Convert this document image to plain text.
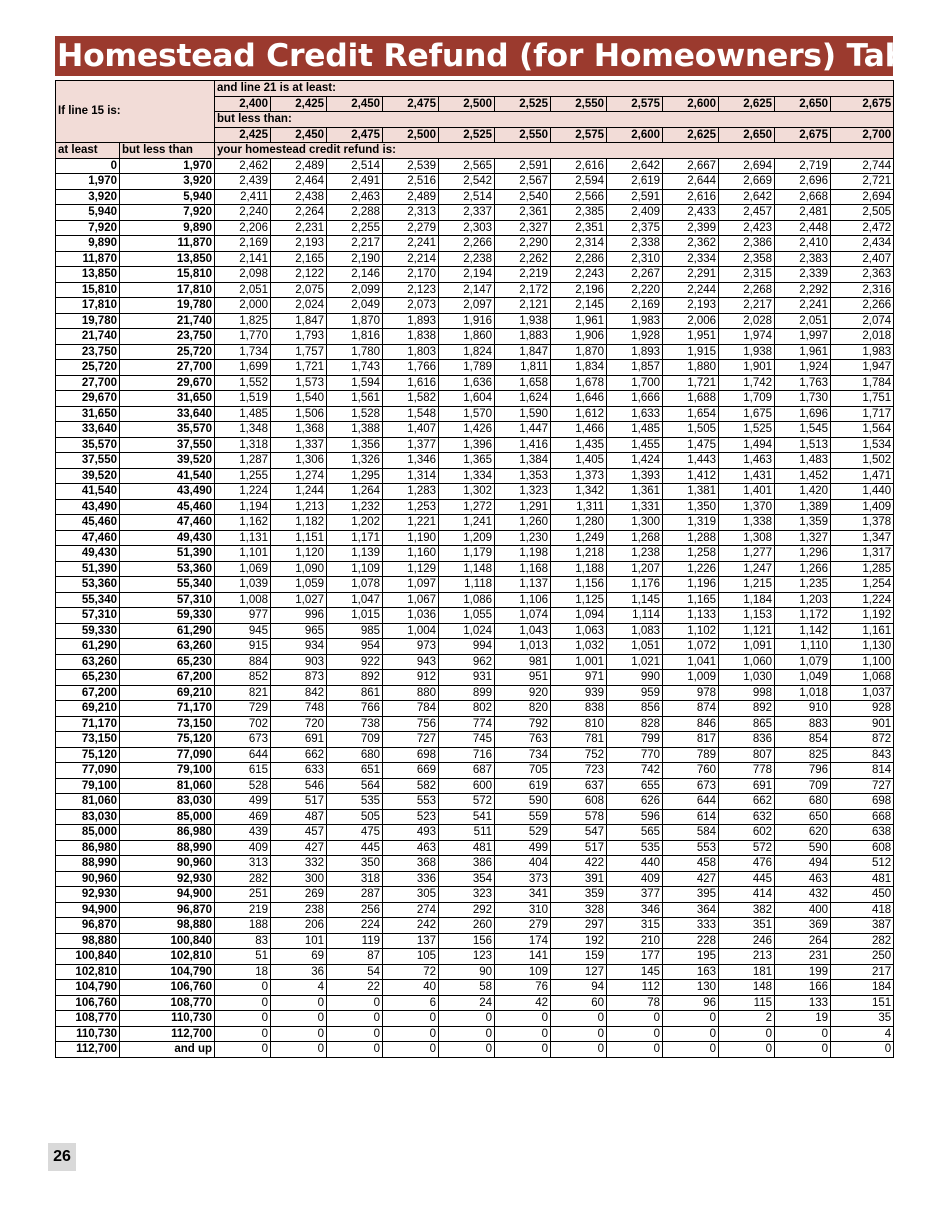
Homestead Credit Refund (for Homeowners) Table
If line 15 is:		and line 21 is at least:											
		2,400	2,425	2,450	2,475	2,500	2,525	2,550	2,575	2,600	2,625	2,650	2,675
		but less than:											
		2,425	2,450	2,475	2,500	2,525	2,550	2,575	2,600	2,625	2,650	2,675	2,700
at least	but less than	your homestead credit refund is:											
0	1,970	2,462	2,489	2,514	2,539	2,565	2,591	2,616	2,642	2,667	2,694	2,719	2,744
1,970	3,920	2,439	2,464	2,491	2,516	2,542	2,567	2,594	2,619	2,644	2,669	2,696	2,721
3,920	5,940	2,411	2,438	2,463	2,489	2,514	2,540	2,566	2,591	2,616	2,642	2,668	2,694
5,940	7,920	2,240	2,264	2,288	2,313	2,337	2,361	2,385	2,409	2,433	2,457	2,481	2,505
7,920	9,890	2,206	2,231	2,255	2,279	2,303	2,327	2,351	2,375	2,399	2,423	2,448	2,472
9,890	11,870	2,169	2,193	2,217	2,241	2,266	2,290	2,314	2,338	2,362	2,386	2,410	2,434
11,870	13,850	2,141	2,165	2,190	2,214	2,238	2,262	2,286	2,310	2,334	2,358	2,383	2,407
13,850	15,810	2,098	2,122	2,146	2,170	2,194	2,219	2,243	2,267	2,291	2,315	2,339	2,363
15,810	17,810	2,051	2,075	2,099	2,123	2,147	2,172	2,196	2,220	2,244	2,268	2,292	2,316
17,810	19,780	2,000	2,024	2,049	2,073	2,097	2,121	2,145	2,169	2,193	2,217	2,241	2,266
19,780	21,740	1,825	1,847	1,870	1,893	1,916	1,938	1,961	1,983	2,006	2,028	2,051	2,074
21,740	23,750	1,770	1,793	1,816	1,838	1,860	1,883	1,906	1,928	1,951	1,974	1,997	2,018
23,750	25,720	1,734	1,757	1,780	1,803	1,824	1,847	1,870	1,893	1,915	1,938	1,961	1,983
25,720	27,700	1,699	1,721	1,743	1,766	1,789	1,811	1,834	1,857	1,880	1,901	1,924	1,947
27,700	29,670	1,552	1,573	1,594	1,616	1,636	1,658	1,678	1,700	1,721	1,742	1,763	1,784
29,670	31,650	1,519	1,540	1,561	1,582	1,604	1,624	1,646	1,666	1,688	1,709	1,730	1,751
31,650	33,640	1,485	1,506	1,528	1,548	1,570	1,590	1,612	1,633	1,654	1,675	1,696	1,717
33,640	35,570	1,348	1,368	1,388	1,407	1,426	1,447	1,466	1,485	1,505	1,525	1,545	1,564
35,570	37,550	1,318	1,337	1,356	1,377	1,396	1,416	1,435	1,455	1,475	1,494	1,513	1,534
37,550	39,520	1,287	1,306	1,326	1,346	1,365	1,384	1,405	1,424	1,443	1,463	1,483	1,502
39,520	41,540	1,255	1,274	1,295	1,314	1,334	1,353	1,373	1,393	1,412	1,431	1,452	1,471
41,540	43,490	1,224	1,244	1,264	1,283	1,302	1,323	1,342	1,361	1,381	1,401	1,420	1,440
43,490	45,460	1,194	1,213	1,232	1,253	1,272	1,291	1,311	1,331	1,350	1,370	1,389	1,409
45,460	47,460	1,162	1,182	1,202	1,221	1,241	1,260	1,280	1,300	1,319	1,338	1,359	1,378
47,460	49,430	1,131	1,151	1,171	1,190	1,209	1,230	1,249	1,268	1,288	1,308	1,327	1,347
49,430	51,390	1,101	1,120	1,139	1,160	1,179	1,198	1,218	1,238	1,258	1,277	1,296	1,317
51,390	53,360	1,069	1,090	1,109	1,129	1,148	1,168	1,188	1,207	1,226	1,247	1,266	1,285
53,360	55,340	1,039	1,059	1,078	1,097	1,118	1,137	1,156	1,176	1,196	1,215	1,235	1,254
55,340	57,310	1,008	1,027	1,047	1,067	1,086	1,106	1,125	1,145	1,165	1,184	1,203	1,224
57,310	59,330	977	996	1,015	1,036	1,055	1,074	1,094	1,114	1,133	1,153	1,172	1,192
59,330	61,290	945	965	985	1,004	1,024	1,043	1,063	1,083	1,102	1,121	1,142	1,161
61,290	63,260	915	934	954	973	994	1,013	1,032	1,051	1,072	1,091	1,110	1,130
63,260	65,230	884	903	922	943	962	981	1,001	1,021	1,041	1,060	1,079	1,100
65,230	67,200	852	873	892	912	931	951	971	990	1,009	1,030	1,049	1,068
67,200	69,210	821	842	861	880	899	920	939	959	978	998	1,018	1,037
69,210	71,170	729	748	766	784	802	820	838	856	874	892	910	928
71,170	73,150	702	720	738	756	774	792	810	828	846	865	883	901
73,150	75,120	673	691	709	727	745	763	781	799	817	836	854	872
75,120	77,090	644	662	680	698	716	734	752	770	789	807	825	843
77,090	79,100	615	633	651	669	687	705	723	742	760	778	796	814
79,100	81,060	528	546	564	582	600	619	637	655	673	691	709	727
81,060	83,030	499	517	535	553	572	590	608	626	644	662	680	698
83,030	85,000	469	487	505	523	541	559	578	596	614	632	650	668
85,000	86,980	439	457	475	493	511	529	547	565	584	602	620	638
86,980	88,990	409	427	445	463	481	499	517	535	553	572	590	608
88,990	90,960	313	332	350	368	386	404	422	440	458	476	494	512
90,960	92,930	282	300	318	336	354	373	391	409	427	445	463	481
92,930	94,900	251	269	287	305	323	341	359	377	395	414	432	450
94,900	96,870	219	238	256	274	292	310	328	346	364	382	400	418
96,870	98,880	188	206	224	242	260	279	297	315	333	351	369	387
98,880	100,840	83	101	119	137	156	174	192	210	228	246	264	282
100,840	102,810	51	69	87	105	123	141	159	177	195	213	231	250
102,810	104,790	18	36	54	72	90	109	127	145	163	181	199	217
104,790	106,760	0	4	22	40	58	76	94	112	130	148	166	184
106,760	108,770	0	0	0	6	24	42	60	78	96	115	133	151
108,770	110,730	0	0	0	0	0	0	0	0	0	2	19	35
110,730	112,700	0	0	0	0	0	0	0	0	0	0	0	4
112,700	and up	0	0	0	0	0	0	0	0	0	0	0	0
26
